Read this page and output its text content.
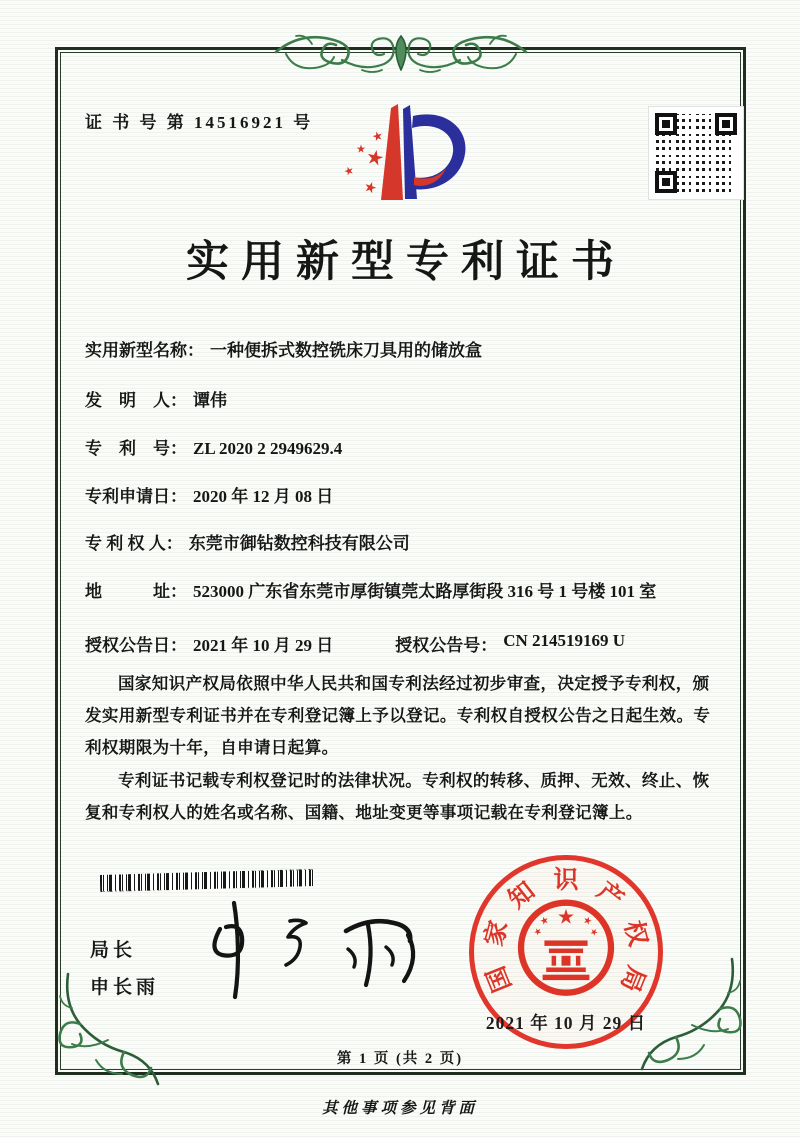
证 书 号 第 14516921 号
实用新型专利证书
实用新型名称： 一种便拆式数控铣床刀具用的储放盒
发　明　人： 谭伟
专　利　号： ZL 2020 2 2949629.4
专利申请日： 2020 年 12 月 08 日
专 利 权 人： 东莞市御钻数控科技有限公司
地　　　址： 523000 广东省东莞市厚街镇莞太路厚街段 316 号 1 号楼 101 室
授权公告日： 2021 年 10 月 29 日	授权公告号： CN 214519169 U

国家知识产权局依照中华人民共和国专利法经过初步审查，决定授予专利权，颁发实用新型专利证书并在专利登记簿上予以登记。专利权自授权公告之日起生效。专利权期限为十年，自申请日起算。

专利证书记载专利权登记时的法律状况。专利权的转移、质押、无效、终止、恢复和专利权人的姓名或名称、国籍、地址变更等事项记载在专利登记簿上。

局长
申长雨	国
家
知 识 产
权
局
2021 年 10 月 29 日
第 1 页 (共 2 页)
其他事项参见背面
